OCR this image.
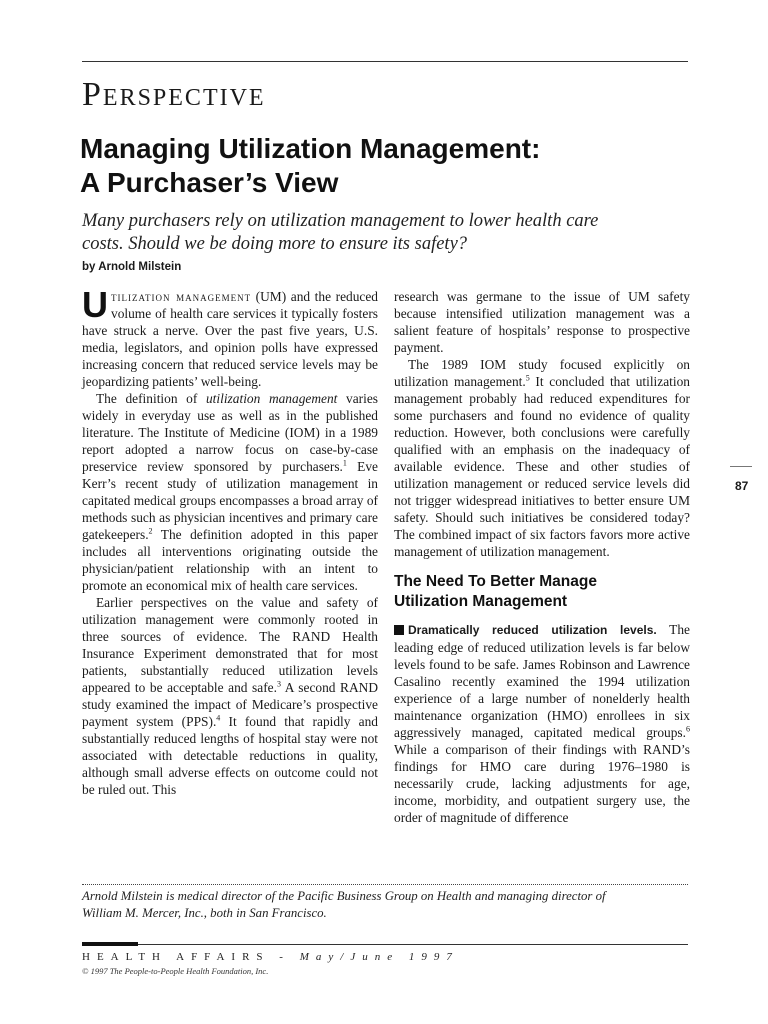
Perspective
Managing Utilization Management:
A Purchaser’s View
Many purchasers rely on utilization management to lower health care
costs. Should we be doing more to ensure its safety?
by Arnold Milstein

Utilization management (UM) and the reduced volume of health care services it typically fosters have struck a nerve. Over the past five years, U.S. media, legislators, and opinion polls have expressed increasing concern that reduced service levels may be jeopardizing patients’ well-being.

The definition of utilization management varies widely in everyday use as well as in the published literature. The Institute of Medicine (IOM) in a 1989 report adopted a narrow focus on case-by-case preservice review sponsored by purchasers.$^1$ Eve Kerr’s recent study of utilization management in capitated medical groups encompasses a broad array of methods such as physician incentives and primary care gatekeepers.$^2$ The definition adopted in this paper includes all interventions originating outside the physician/patient relationship with an intent to promote an economical mix of health care services.

Earlier perspectives on the value and safety of utilization management were commonly rooted in three sources of evidence. The RAND Health Insurance Experiment demonstrated that for most patients, substantially reduced utilization levels appeared to be acceptable and safe.$^3$ A second RAND study examined the impact of Medicare’s prospective payment system (PPS).$^4$ It found that rapidly and substantially reduced lengths of hospital stay were not associated with detectable reductions in quality, although small adverse effects on outcome could not be ruled out. This

research was germane to the issue of UM safety because intensified utilization management was a salient feature of hospitals’ response to prospective payment.

The 1989 IOM study focused explicitly on utilization management.$^5$ It concluded that utilization management probably had reduced expenditures for some purchasers and found no evidence of quality reduction. However, both conclusions were carefully qualified with an emphasis on the inadequacy of available evidence. These and other studies of utilization management or reduced service levels did not trigger widespread initiatives to better ensure UM safety. Should such initiatives be considered today? The combined impact of six factors favors more active management of utilization management.

The Need To Better Manage
Utilization Management

Dramatically reduced utilization levels. The leading edge of reduced utilization levels is far below levels found to be safe. James Robinson and Lawrence Casalino recently examined the 1994 utilization experience of a large number of nonelderly health maintenance organization (HMO) enrollees in six aggressively managed, capitated medical groups.$^6$ While a comparison of their findings with RAND’s findings for HMO care during 1976–1980 is necessarily crude, lacking adjustments for age, income, morbidity, and outpatient surgery use, the order of magnitude of difference

87
Arnold Milstein is medical director of the Pacific Business Group on Health and managing director of
William M. Mercer, Inc., both in San Francisco.
HEALTH AFFAIRS - May/June 1997
© 1997 The People-to-People Health Foundation, Inc.
